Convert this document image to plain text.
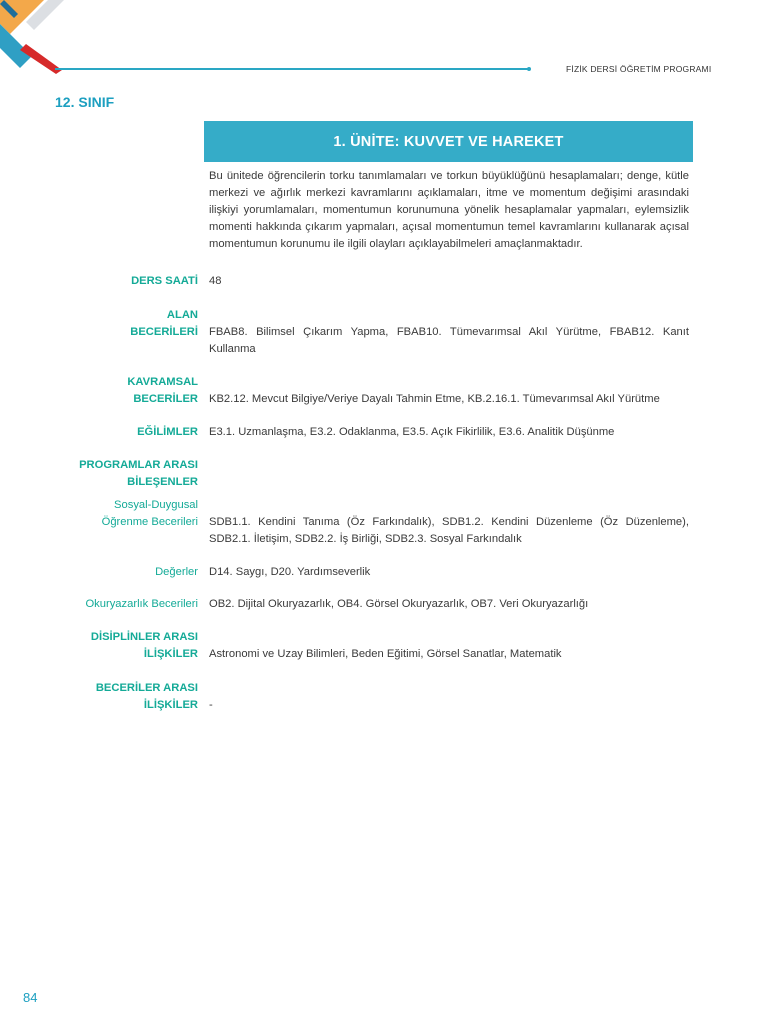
FİZİK DERSİ ÖĞRETİM PROGRAMI
12. SINIF
1. ÜNİTE: KUVVET VE HAREKET
Bu ünitede öğrencilerin torku tanımlamaları ve torkun büyüklüğünü hesaplamaları; denge, kütle merkezi ve ağırlık merkezi kavramlarını açıklamaları, itme ve momentum değişimi arasındaki ilişkiyi yorumlamaları, momentumun korunumuna yönelik hesaplamalar yapmaları, eylemsizlik momenti hakkında çıkarım yapmaları, açısal momentumun temel kavramlarını kullanarak açısal momentumun korunumu ile ilgili olayları açıklayabilmeleri amaçlanmaktadır.
DERS SAATİ 48
ALAN
BECERİLERİ FBAB8. Bilimsel Çıkarım Yapma, FBAB10. Tümevarımsal Akıl Yürütme, FBAB12. Kanıt Kullanma
KAVRAMSAL
BECERİLER KB2.12. Mevcut Bilgiye/Veriye Dayalı Tahmin Etme, KB.2.16.1. Tümevarımsal Akıl Yürütme
EĞİLİMLER E3.1. Uzmanlaşma, E3.2. Odaklanma, E3.5. Açık Fikirlilik, E3.6. Analitik Düşünme
PROGRAMLAR ARASI
BİLEŞENLER
Sosyal-Duygusal
Öğrenme Becerileri SDB1.1. Kendini Tanıma (Öz Farkındalık), SDB1.2. Kendini Düzenleme (Öz Düzenleme), SDB2.1. İletişim, SDB2.2. İş Birliği, SDB2.3. Sosyal Farkındalık
Değerler D14. Saygı, D20. Yardımseverlik
Okuryazarlık Becerileri OB2. Dijital Okuryazarlık, OB4. Görsel Okuryazarlık, OB7. Veri Okuryazarlığı
DİSİPLİNLER ARASI
İLİŞKİLER Astronomi ve Uzay Bilimleri, Beden Eğitimi, Görsel Sanatlar, Matematik
BECERİLER ARASI
İLİŞKİLER -
84
